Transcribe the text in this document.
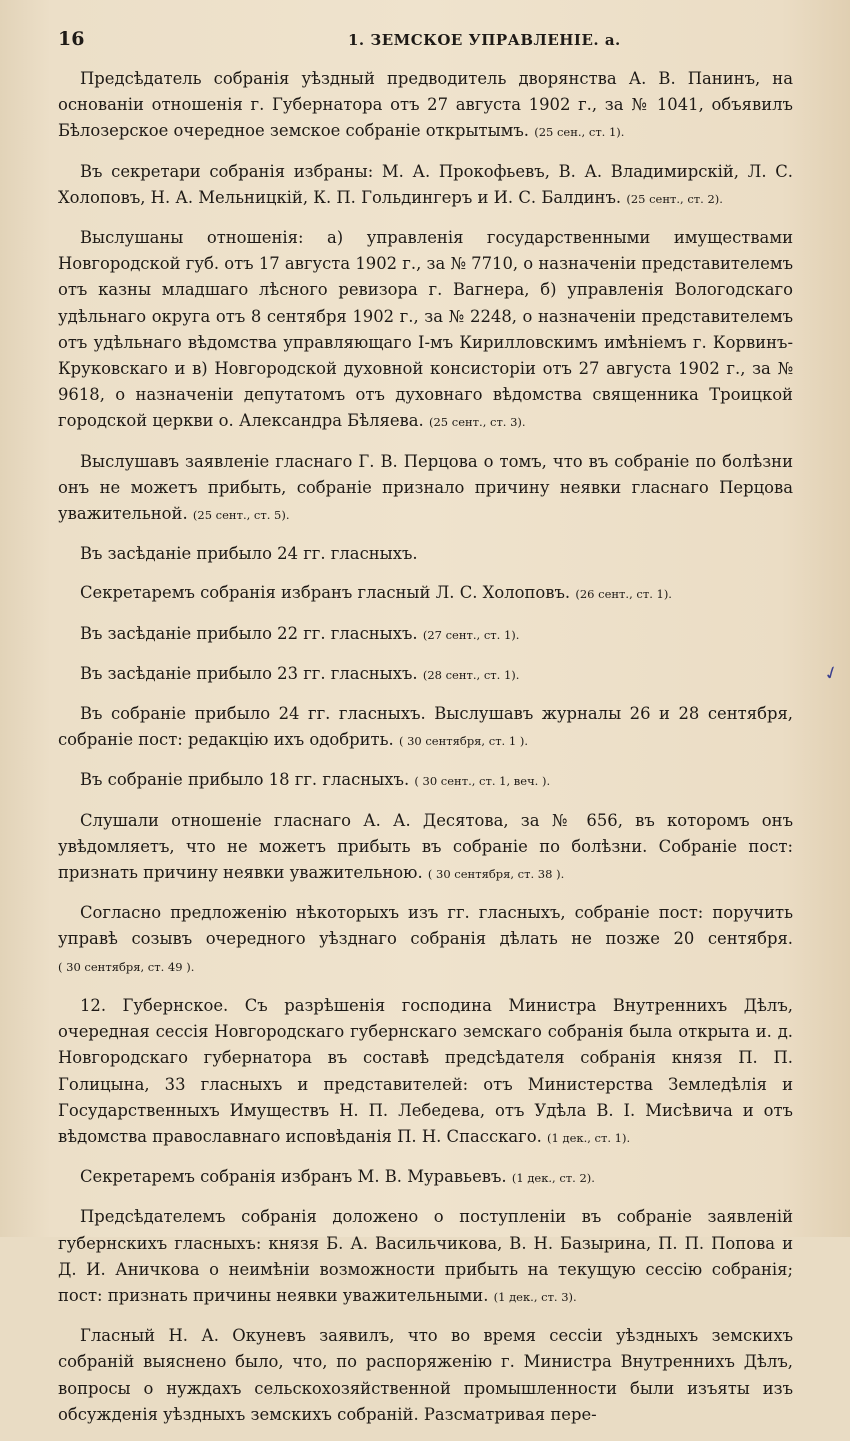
16	1. ЗЕМСКОЕ УПРАВЛЕНІЕ. а.

Предсѣдатель собранія уѣздный предводитель дворянства А. В. Панинъ, на основаніи отношенія г. Губернатора отъ 27 августа 1902 г., за № 1041, объявилъ Бѣлозерское очередное земское собраніе открытымъ. (25 сен., ст. 1).

Въ секретари собранія избраны: М. А. Прокофьевъ, В. А. Владимирскій, Л. С. Холоповъ, Н. А. Мельницкій, К. П. Гольдингеръ и И. С. Балдинъ. (25 сент., ст. 2).

Выслушаны отношенія: а) управленія государственными имуществами Новгородской губ. отъ 17 августа 1902 г., за № 7710, о назначеніи представителемъ отъ казны младшаго лѣсного ревизора г. Вагнера, б) управленія Вологодскаго удѣльнаго округа отъ 8 сентября 1902 г., за № 2248, о назначеніи представителемъ отъ удѣльнаго вѣдомства управляющаго I-мъ Кирилловскимъ имѣніемъ г. Корвинъ-Круковскаго и в) Новгородской духовной консисторіи отъ 27 августа 1902 г., за № 9618, о назначеніи депутатомъ отъ духовнаго вѣдомства священника Троицкой городской церкви о. Александра Бѣляева. (25 сент., ст. 3).

Выслушавъ заявленіе гласнаго Г. В. Перцова о томъ, что въ собраніе по болѣзни онъ не можетъ прибыть, собраніе признало причину неявки гласнаго Перцова уважительной. (25 сент., ст. 5).

Въ засѣданіе прибыло 24 гг. гласныхъ.

Секретаремъ собранія избранъ гласный Л. С. Холоповъ. (26 сент., ст. 1).

Въ засѣданіе прибыло 22 гг. гласныхъ. (27 сент., ст. 1).

Въ засѣданіе прибыло 23 гг. гласныхъ. (28 сент., ст. 1).

Въ собраніе прибыло 24 гг. гласныхъ. Выслушавъ журналы 26 и 28 сентября, собраніе пост: редакцію ихъ одобрить. ( 30 сентября, ст. 1 ).

Въ собраніе прибыло 18 гг. гласныхъ. ( 30 сент., ст. 1, веч. ).

Слушали отношеніе гласнаго А. А. Десятова, за № 656, въ которомъ онъ увѣдомляетъ, что не можетъ прибыть въ собраніе по болѣзни. Собраніе пост: признать причину неявки уважительною. ( 30 сентября, ст. 38 ).

Согласно предложенію нѣкоторыхъ изъ гг. гласныхъ, собраніе пост: поручить управѣ созывъ очередного уѣзднаго собранія дѣлать не позже 20 сентября. ( 30 сентября, ст. 49 ).

12. Губернское. Съ разрѣшенія господина Министра Внутреннихъ Дѣлъ, очередная сессія Новгородскаго губернскаго земскаго собранія была открыта и. д. Новгородскаго губернатора въ составѣ предсѣдателя собранія князя П. П. Голицына, 33 гласныхъ и представителей: отъ Министерства Земледѣлія и Государственныхъ Имуществъ Н. П. Лебедева, отъ Удѣла В. І. Мисѣвича и отъ вѣдомства православнаго исповѣданія П. Н. Спасскаго. (1 дек., ст. 1).

Секретаремъ собранія избранъ М. В. Муравьевъ. (1 дек., ст. 2).

Предсѣдателемъ собранія доложено о поступленіи въ собраніе заявленій губернскихъ гласныхъ: князя Б. А. Васильчикова, В. Н. Базырина, П. П. Попова и Д. И. Аничкова о неимѣніи возможности прибыть на текущую сессію собранія; пост: признать причины неявки уважительными. (1 дек., ст. 3).

Гласный Н. А. Окуневъ заявилъ, что во время сессіи уѣздныхъ земскихъ собраній выяснено было, что, по распоряженію г. Министра Внутреннихъ Дѣлъ, вопросы о нуждахъ сельскохозяйственной промышленности были изъяты изъ обсужденія уѣздныхъ земскихъ собраній. Разсматривая пере-

✓
